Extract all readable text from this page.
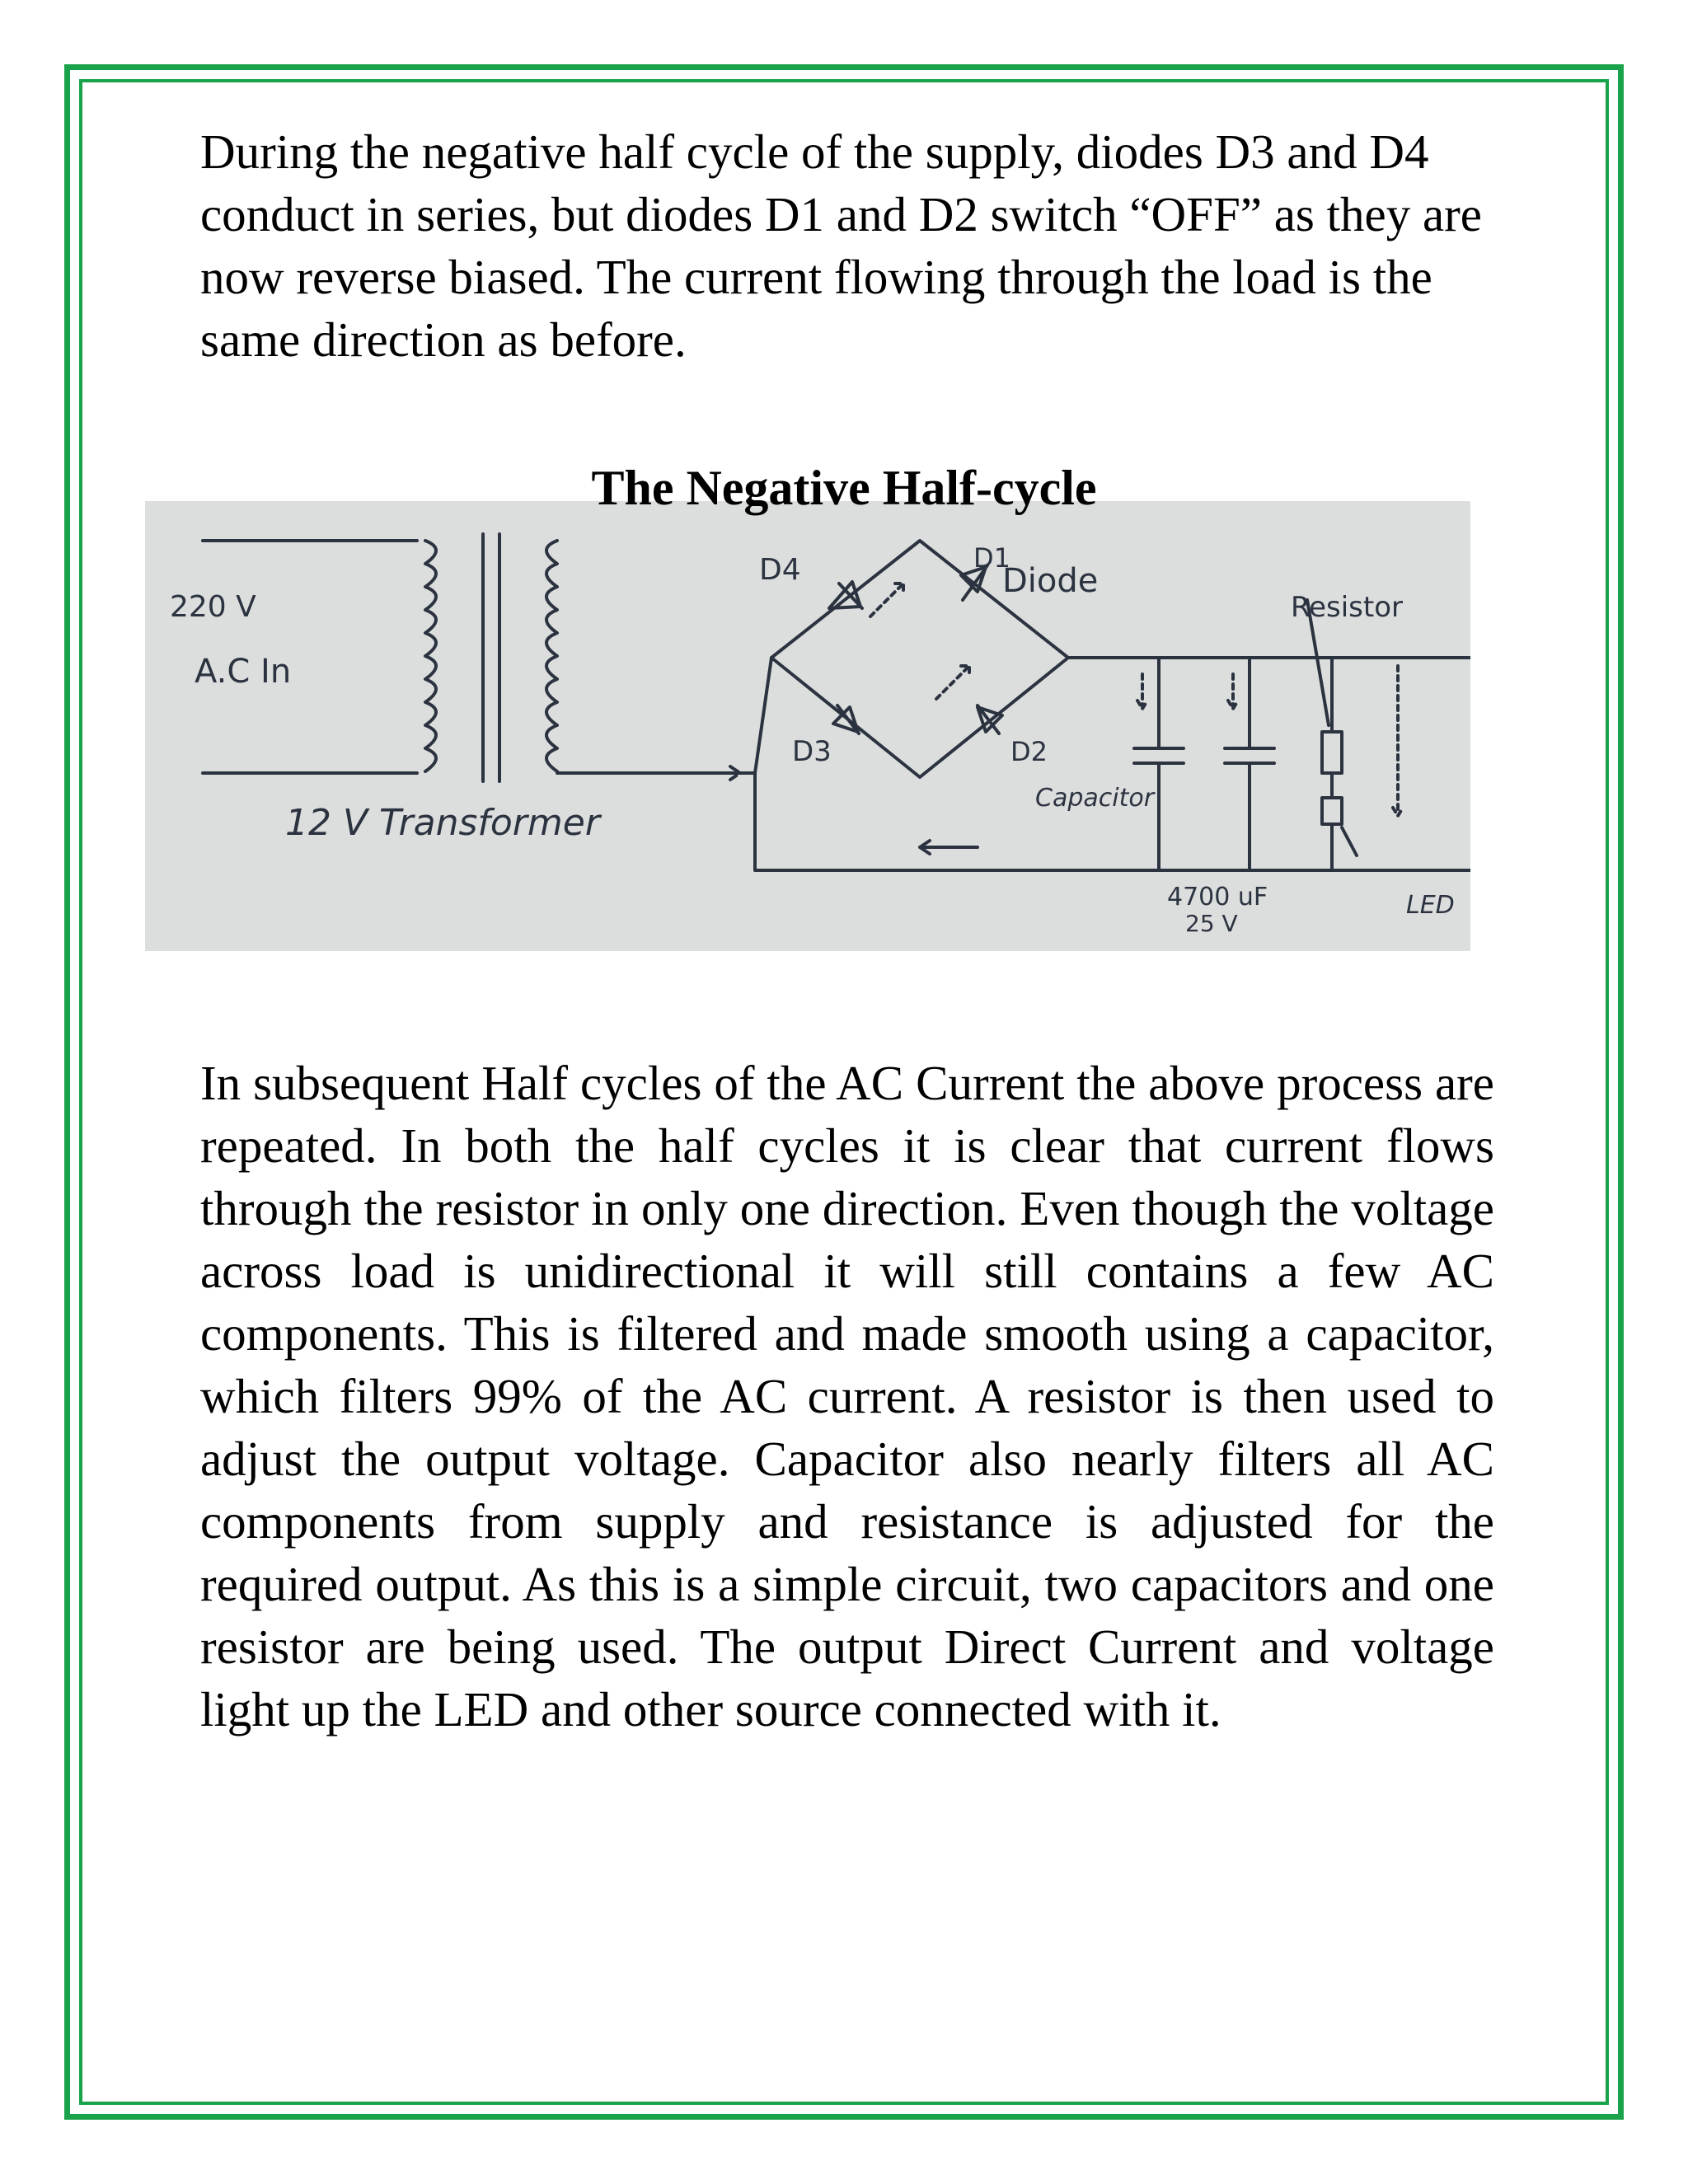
During the negative half cycle of the supply, diodes D3 and D4 conduct in series, but diodes D1 and D2 switch “OFF” as they are now reverse biased. The current flowing through the load is the same direction as before.

The Negative Half-cycle
220 V
A.C In
12 V Transformer
D4	D1
Diode
D3	D2
Capacitor
Resistor
4700 uF
25 V
LED

In subsequent Half cycles of the AC Current the above process are repeated. In both the half cycles it is clear that current flows through the resistor in only one direction. Even though the voltage across load is unidirectional it will still contains a few AC components. This is filtered and made smooth using a capacitor, which filters 99% of the AC current. A resistor is then used to adjust the output voltage. Capacitor also nearly filters all AC components from supply and resistance is adjusted for the required output. As this is a simple circuit, two capacitors and one resistor are being used. The output Direct Current and voltage light up the LED and other source connected with it.
